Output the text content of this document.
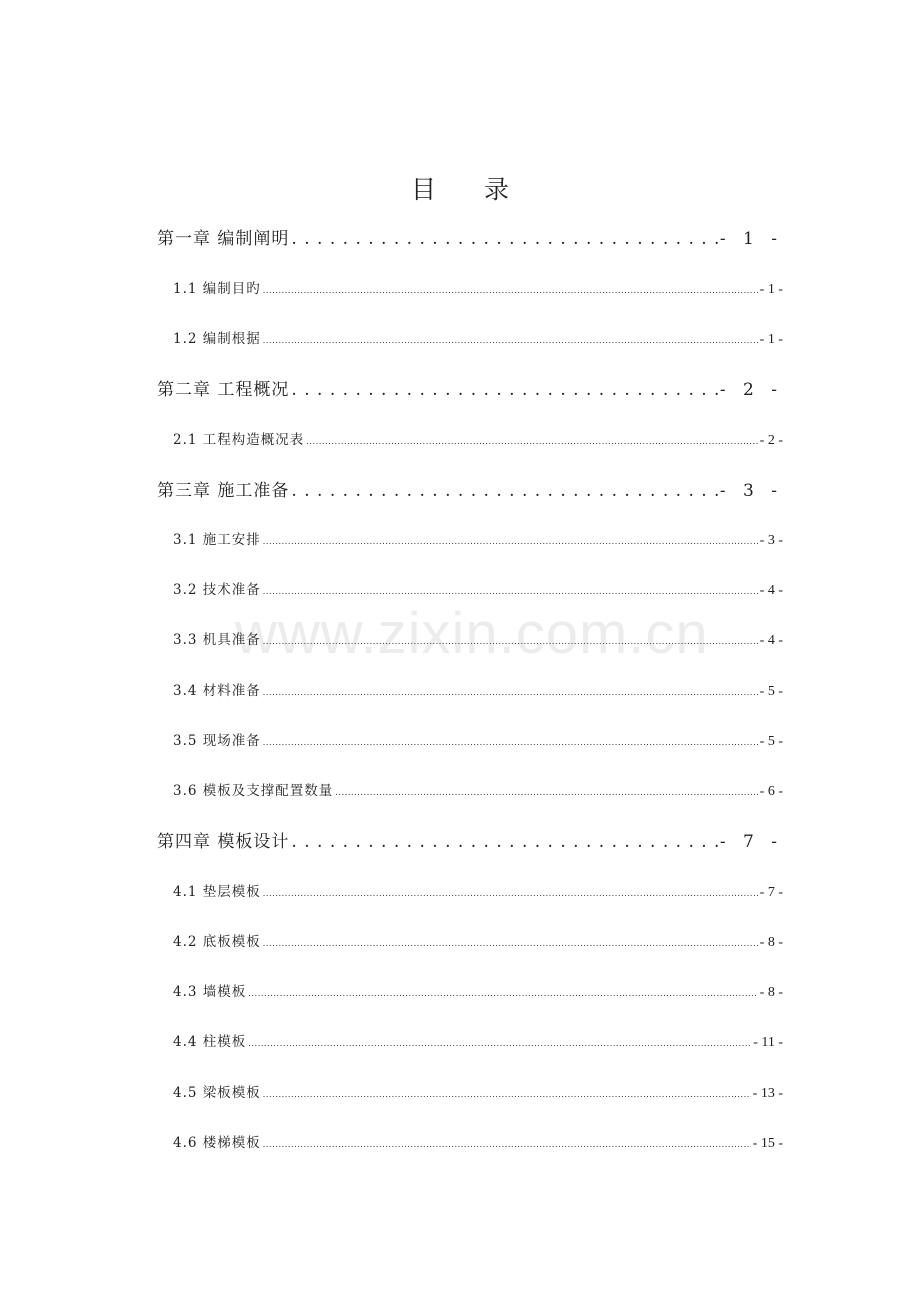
www.zixin.com.cn
目 录
第一章 编制阐明 . . .	- 1 -
1.1 编制目旳 .....	- 1 -
1.2 编制根据 .....	- 1 -
第二章 工程概况 . . .	- 2 -
2.1 工程构造概况表 .....	- 2 -
第三章 施工准备 . . .	- 3 -
3.1 施工安排 .....	- 3 -
3.2 技术准备 .....	- 4 -
3.3 机具准备 .....	- 4 -
3.4 材料准备 .....	- 5 -
3.5 现场准备 .....	- 5 -
3.6 模板及支撑配置数量 .....	- 6 -
第四章 模板设计 . . .	- 7 -
4.1 垫层模板 .....	- 7 -
4.2 底板模板 .....	- 8 -
4.3 墙模板 .....	- 8 -
4.4 柱模板 .....	- 11 -
4.5 梁板模板 .....	- 13 -
4.6 楼梯模板 .....	- 15 -
